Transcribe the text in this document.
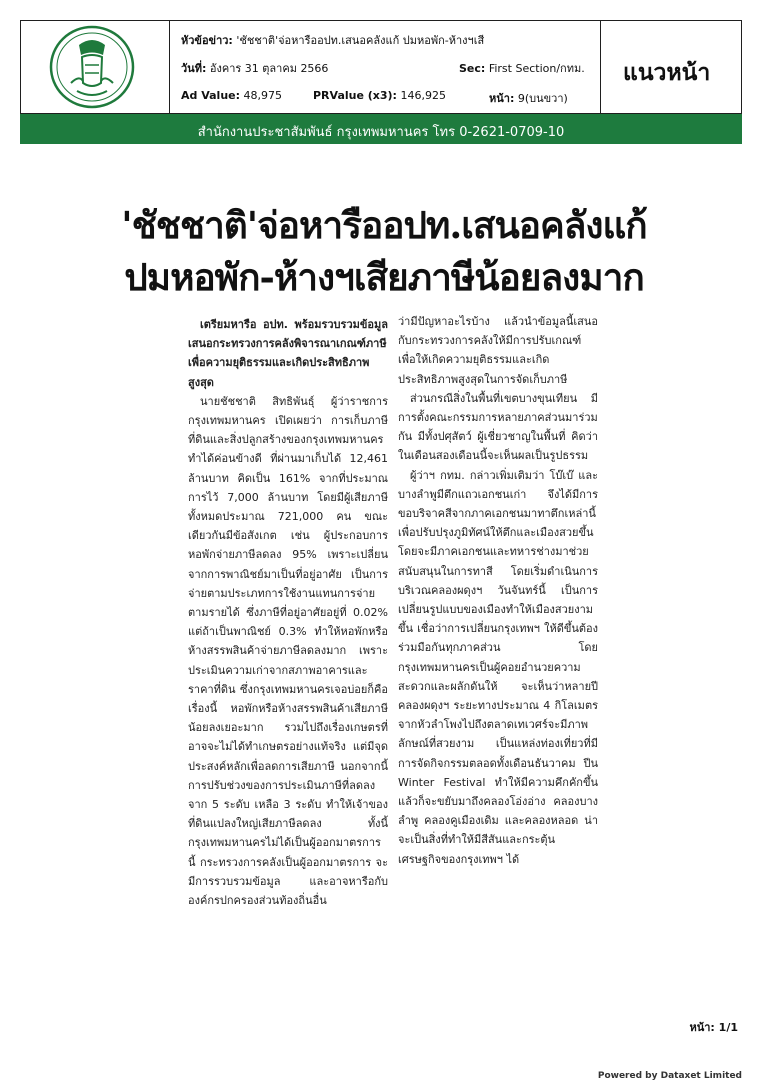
หัวข้อข่าว: 'ชัชชาติ'จ่อหารืออปท.เสนอคลังแก้ ปมหอพัก-ห้างฯเสี
วันที่: อังคาร 31 ตุลาคม 2566	Sec: First Section/กทม.
Ad Value: 48,975	PRValue (x3): 146,925	หน้า: 9(บนขวา)
แนวหน้า
สำนักงานประชาสัมพันธ์ กรุงเทพมหานคร โทร 0-2621-0709-10
'ชัชชาติ'จ่อหารืออปท.เสนอคลังแก้
ปมหอพัก-ห้างฯเสียภาษีน้อยลงมาก

เตรียมหารือ อปท. พร้อมรวบรวมข้อมูลเสนอกระทรวงการคลังพิจารณาเกณฑ์ภาษี เพื่อความยุติธรรมและเกิดประสิทธิภาพสูงสุด

นายชัชชาติ สิทธิพันธุ์ ผู้ว่าราชการกรุงเทพมหานคร เปิดเผยว่า การเก็บภาษีที่ดินและสิ่งปลูกสร้างของกรุงเทพมหานครทำได้ค่อนข้างดี ที่ผ่านมาเก็บได้ 12,461 ล้านบาท คิดเป็น 161% จากที่ประมาณการไว้ 7,000 ล้านบาท โดยมีผู้เสียภาษีทั้งหมดประมาณ 721,000 คน ขณะเดียวกันมีข้อสังเกต เช่น ผู้ประกอบการหอพักจ่ายภาษีลดลง 95% เพราะเปลี่ยนจากการพาณิชย์มาเป็นที่อยู่อาศัย เป็นการจ่ายตามประเภทการใช้งานแทนการจ่ายตามรายได้ ซึ่งภาษีที่อยู่อาศัยอยู่ที่ 0.02% แต่ถ้าเป็นพาณิชย์ 0.3% ทำให้หอพักหรือห้างสรรพสินค้าจ่ายภาษีลดลงมาก เพราะประเมินความเก่าจากสภาพอาคารและราคาที่ดิน ซึ่งกรุงเทพมหานครเจอบ่อยก็คือเรื่องนี้ หอพักหรือห้างสรรพสินค้าเสียภาษีน้อยลงเยอะมาก รวมไปถึงเรื่องเกษตรที่อาจจะไม่ได้ทำเกษตรอย่างแท้จริง แต่มีจุดประสงค์หลักเพื่อลดการเสียภาษี นอกจากนี้การปรับช่วงของการประเมินภาษีที่ลดลงจาก 5 ระดับ เหลือ 3 ระดับ ทำให้เจ้าของที่ดินแปลงใหญ่เสียภาษีลดลง ทั้งนี้กรุงเทพมหานครไม่ได้เป็นผู้ออกมาตรการนี้ กระทรวงการคลังเป็นผู้ออกมาตรการ จะมีการรวบรวมข้อมูล และอาจหารือกับองค์กรปกครองส่วนท้องถิ่นอื่น

ว่ามีปัญหาอะไรบ้าง แล้วนำข้อมูลนี้เสนอกับกระทรวงการคลังให้มีการปรับเกณฑ์ เพื่อให้เกิดความยุติธรรมและเกิดประสิทธิภาพสูงสุดในการจัดเก็บภาษี

ส่วนกรณีสิ่งในพื้นที่เขตบางขุนเทียน มีการตั้งคณะกรรมการหลายภาคส่วนมาร่วมกัน มีทั้งปศุสัตว์ ผู้เชี่ยวชาญในพื้นที่ คิดว่าในเดือนสองเดือนนี้จะเห็นผลเป็นรูปธรรม

ผู้ว่าฯ กทม. กล่าวเพิ่มเติมว่า โบ๊เบ๊ และบางลำพูมีตึกแถวเอกชนเก่า จึงได้มีการขอบริจาคสีจากภาคเอกชนมาทาตึกเหล่านี้ เพื่อปรับปรุงภูมิทัศน์ให้ตึกและเมืองสวยขึ้น โดยจะมีภาคเอกชนและทหารช่างมาช่วยสนับสนุนในการทาสี โดยเริ่มดำเนินการบริเวณคลองผดุงฯ วันจันทร์นี้ เป็นการเปลี่ยนรูปแบบของเมืองทำให้เมืองสวยงามขึ้น เชื่อว่าการเปลี่ยนกรุงเทพฯ ให้ดีขึ้นต้องร่วมมือกันทุกภาคส่วน โดยกรุงเทพมหานครเป็นผู้คอยอำนวยความสะดวกและผลักดันให้ จะเห็นว่าหลายปีคลองผดุงฯ ระยะทางประมาณ 4 กิโลเมตร จากหัวลำโพงไปถึงตลาดเทเวศร์จะมีภาพลักษณ์ที่สวยงาม เป็นแหล่งท่องเที่ยวที่มีการจัดกิจกรรมตลอดทั้งเดือนธันวาคม ปีน Winter Festival ทำให้มีความคึกคักขึ้น แล้วก็จะขยับมาถึงคลองโอ่งอ่าง คลองบางลำพู คลองคูเมืองเดิม และคลองหลอด น่าจะเป็นสิ่งที่ทำให้มีสีสันและกระตุ้นเศรษฐกิจของกรุงเทพฯ ได้

หน้า: 1/1
Powered by Dataxet Limited
